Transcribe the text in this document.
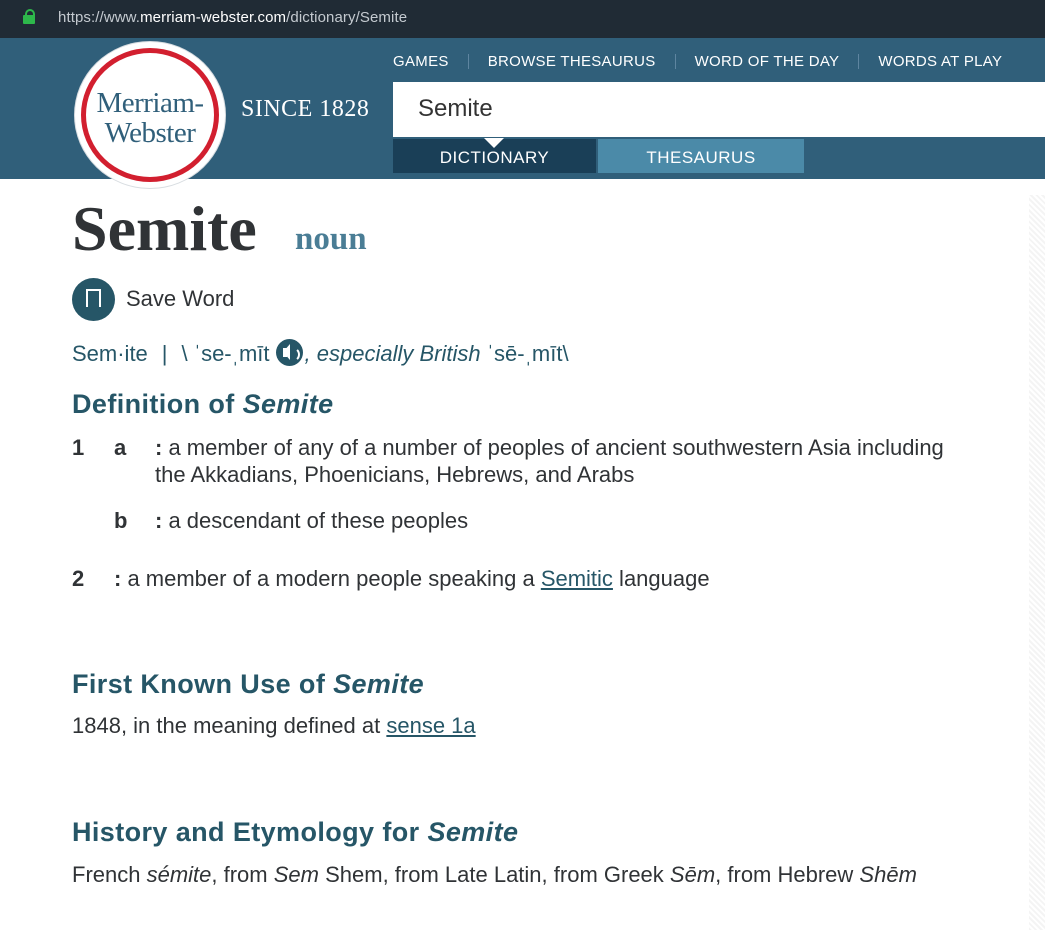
https://www.merriam-webster.com/dictionary/Semite
Merriam-
Webster
SINCE 1828
GAMES	BROWSE THESAURUS	WORD OF THE DAY	WORDS AT PLAY
Semite
DICTIONARY	THESAURUS
Semite noun
Save Word
Sem·ite | \ ˈse-ˌmīt , especially British ˈsē-ˌmīt\
Definition of Semite
1 a : a member of any of a number of peoples of ancient southwestern Asia including the Akkadians, Phoenicians, Hebrews, and Arabs
b : a descendant of these peoples
2 : a member of a modern people speaking a Semitic language
First Known Use of Semite
1848, in the meaning defined at sense 1a
History and Etymology for Semite
French sémite, from Sem Shem, from Late Latin, from Greek Sēm, from Hebrew Shēm
